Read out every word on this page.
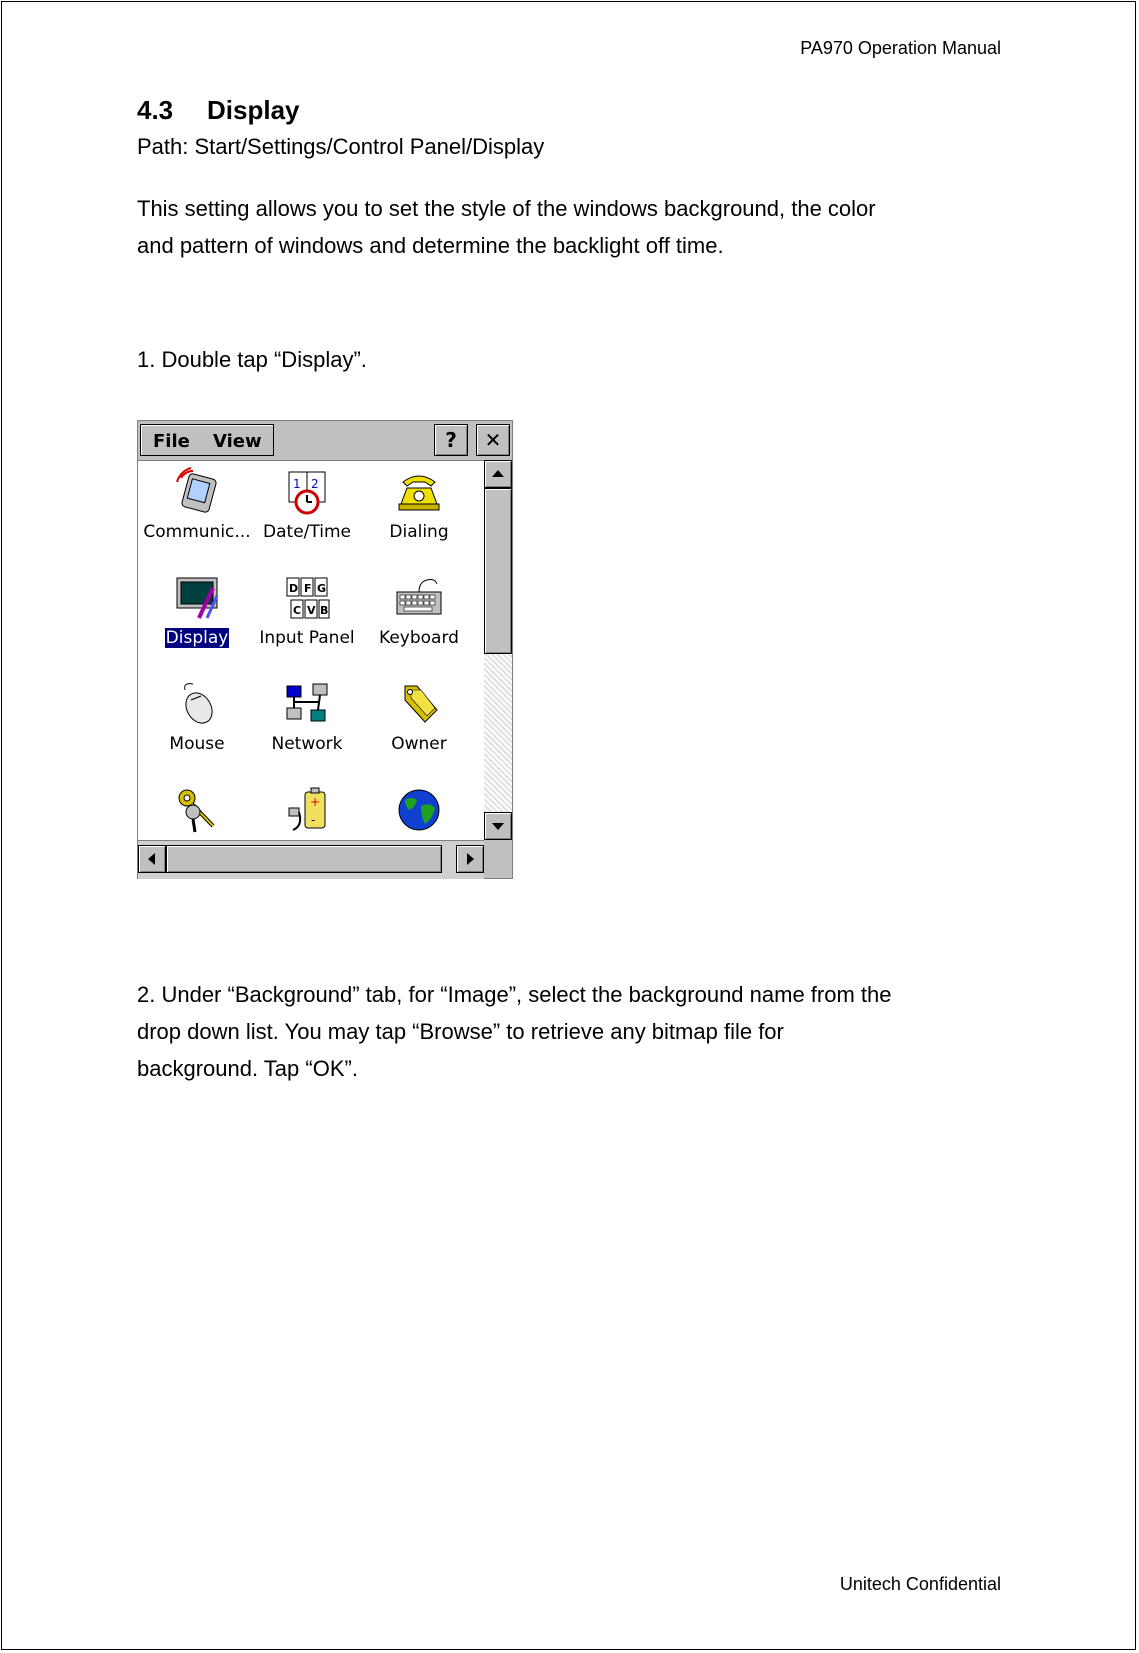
PA970 Operation Manual
4.3 Display
Path: Start/Settings/Control Panel/Display

This setting allows you to set the style of the windows background, the color
and pattern of windows and determine the backlight off time.

1. Double tap “Display”.
File View	?	✕
Communic...
1 2
Date/Time	Dialing
Display
D F G
C V B
Input Panel	Keyboard
Mouse	Network	Owner
+
-

2. Under “Background” tab, for “Image”, select the background name from the
drop down list. You may tap “Browse” to retrieve any bitmap file for
background. Tap “OK”.

Unitech Confidential
